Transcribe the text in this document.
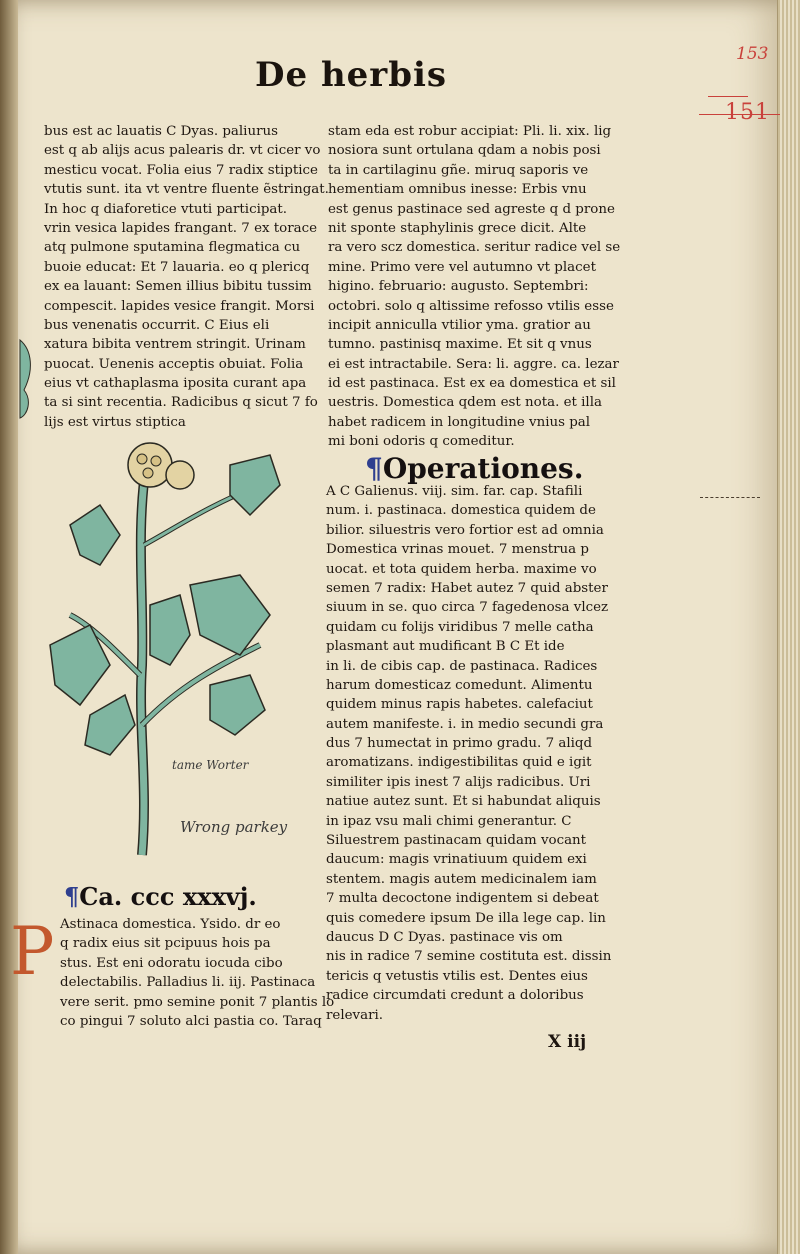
153
151
De herbis
bus est ac lauatis C Dyas. paliurus
est q ab alijs acus palearis dr. vt cicer vo
mesticu vocat. Folia eius 7 radix stiptice
vtutis sunt. ita vt ventre fluente ẽstringat.
In hoc q diaforetice vtuti participat.
vrin vesica lapides frangant. 7 ex torace
atq pulmone sputamina flegmatica cu
buoie educat: Et 7 lauaria. eo q plericq
ex ea lauant: Semen illius bibitu tussim
compescit. lapides vesice frangit. Morsi
bus venenatis occurrit. C Eius eli
xatura bibita ventrem stringit. Urinam
puocat. Uenenis acceptis obuiat. Folia
eius vt cathaplasma iposita curant apa
ta si sint recentia. Radicibus q sicut 7 fo
lijs est virtus stiptica
stam eda est robur accipiat: Pli. li. xix. lig
nosiora sunt ortulana qdam a nobis posi
ta in cartilaginu gñe. miruq saporis ve
hementiam omnibus inesse: Erbis vnu
est genus pastinace sed agreste q d prone
nit sponte staphylinis grece dicit. Alte
ra vero scz domestica. seritur radice vel se
mine. Primo vere vel autumno vt placet
higino. februario: augusto. Septembri:
octobri. solo q altissime refosso vtilis esse
incipit anniculla vtilior yma. gratior au
tumno. pastinisq maxime. Et sit q vnus
ei est intractabile. Sera: li. aggre. ca. lezar
id est pastinaca. Est ex ea domestica et sil
uestris. Domestica qdem est nota. et illa
habet radicem in longitudine vnius pal
mi boni odoris q comeditur.
¶Operationes.
A C Galienus. viij. sim. far. cap. Stafili
num. i. pastinaca. domestica quidem de
bilior. siluestris vero fortior est ad omnia
Domestica vrinas mouet. 7 menstrua p
uocat. et tota quidem herba. maxime vo
semen 7 radix: Habet autez 7 quid abster
siuum in se. quo circa 7 fagedenosa vlcez
quidam cu folijs viridibus 7 melle catha
plasmant aut mudificant B C Et ide
in li. de cibis cap. de pastinaca. Radices
harum domesticaz comedunt. Alimentu
quidem minus rapis habetes. calefaciut
autem manifeste. i. in medio secundi gra
dus 7 humectat in primo gradu. 7 aliqd
aromatizans. indigestibilitas quid e igit
similiter ipis inest 7 alijs radicibus. Uri
natiue autez sunt. Et si habundat aliquis
in ipaz vsu mali chimi generantur. C
Siluestrem pastinacam quidam vocant
daucum: magis vrinatiuum quidem exi
stentem. magis autem medicinalem iam
7 multa decoctone indigentem si debeat
quis comedere ipsum De illa lege cap. lin
daucus D C Dyas. pastinace vis om
nis in radice 7 semine costituta est. dissin
tericis q vetustis vtilis est. Dentes eius
radice circumdati credunt a doloribus
relevari.
tame Worter
Wrong parkey
¶Ca. ccc xxxvj.
P Astinaca domestica. Ysido. dr eo
q radix eius sit pcipuus hois pa
stus. Est eni odoratu iocuda cibo
delectabilis. Palladius li. iij. Pastinaca
vere serit. pmo semine ponit 7 plantis lo
co pingui 7 soluto alci pastia co. Taraq
X iij
